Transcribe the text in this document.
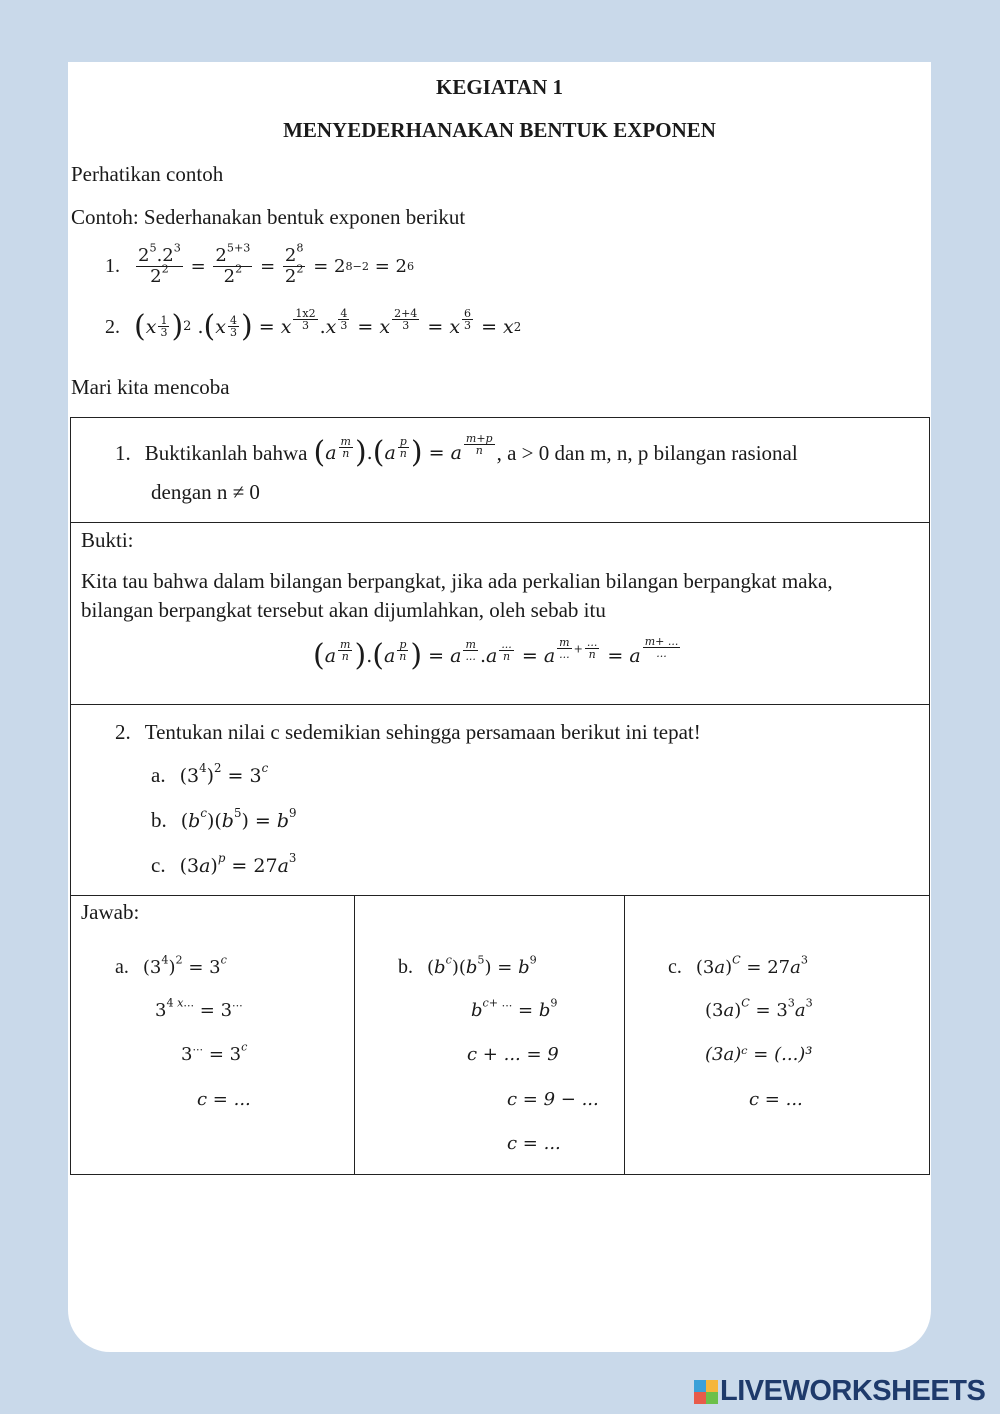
KEGIATAN 1
MENYEDERHANAKAN BENTUK EXPONEN
Perhatikan contoh
Contoh: Sederhanakan bentuk exponen berikut
1. $\frac{2^5.2^3}{2^2} = \frac{2^{5+3}}{2^2} = \frac{2^8}{2^2} = 2$ 8−2 = 2 6
2. ( x $\frac{1}{3}$ ) 2 . ( x $\frac{4}{3}$ ) = x $\frac{1x2}{3}$ . x $\frac{4}{3} = x \frac{2+4}{3} = x \frac{6}{3} = x$ 2
Mari kita mencoba
1. Buktikanlah bahwa ( a $\frac{m}{n}$ ) . ( a $\frac{p}{n}$ ) = a $\frac{m+p}{n}$ , a > 0 dan m, n, p bilangan rasional
dengan n ≠ 0
Bukti:
Kita tau bahwa dalam bilangan berpangkat, jika ada perkalian bilangan berpangkat maka,
bilangan berpangkat tersebut akan dijumlahkan, oleh sebab itu
( a $\frac{m}{n}$ ) . ( a $\frac{p}{n}$ ) = a $\frac{m}{...}$ . a $\frac{...}{n} = a \frac{m}{...} + \frac{...}{n} = a \frac{m+ ...}{...}$
2. Tentukan nilai c sedemikian sehingga persamaan berikut ini tepat!
a. $(3^4)^2 = 3^c$
b. $(b^c)(b^5) = b^9$
c. $(3a)^p = 27a^3$
Jawab:
a. $(3^4)^2 = 3^c$
$3^{4 x...} = 3^{...}$
$3^{...} = 3^c$
c = ...
b. $(b^c)(b^5) = b^9$
$b^{c+ ...} = b^9$
c + ... = 9
c = 9 − ...
c = ...
c. $(3a)^C = 27a^3$
$(3a)^C = 3^3a^3$
(3a)ᶜ = (...)³
c = ...
LIVEWORKSHEETS
